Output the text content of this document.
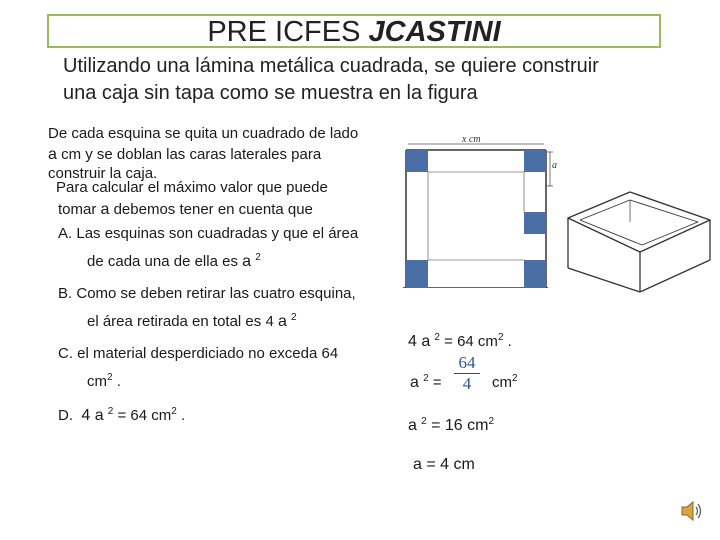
PRE ICFES JCASTINI
Utilizando una lámina metálica cuadrada, se quiere construir
una caja sin tapa como se muestra en la figura
De cada esquina se quita un cuadrado de lado
a cm y se doblan las caras laterales para
construir la caja.
Para calcular el máximo valor que puede
tomar a debemos tener en cuenta que
A. Las esquinas son cuadradas y que el área
de cada una de ella es a $^2$
B. Como se deben retirar las cuatro esquina,
el área retirada en total es 4 a $^2$
C. el material desperdiciado no exceda 64
$cm^2$ .
D. 4 a $^2$ = 64 $cm^2$ .
x cm
a
4 a $^2$ = 64 $cm^2$ .
a $^2$ =
64
4	$cm^2$
a $^2$ = 16 $cm^2$
a = 4 cm
